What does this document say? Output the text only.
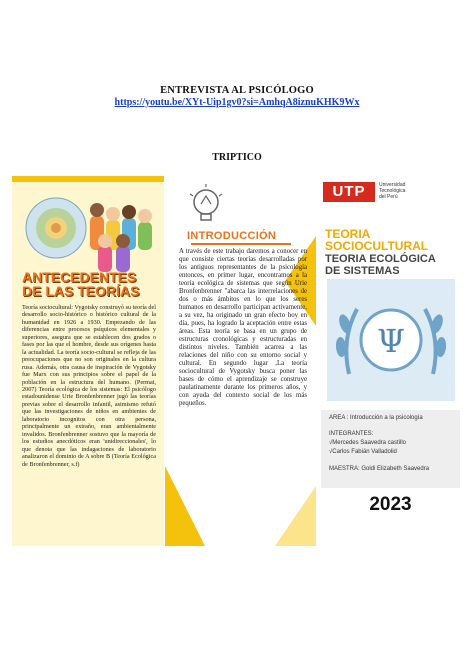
ENTREVISTA AL PSICÓLOGO
https://youtu.be/XYt-Uip1gv0?si=AmhqA8iznuKHK9Wx
TRIPTICO
ANTECEDENTES
DE LAS TEORÍAS
Teoría sociocultural: Vygotsky construyó su teoría del desarrollo socio-histórico o histórico cultural de la humanidad en 1926 a 1930. Empezando de las diferencias entre procesos psíquicos elementales y superiores, asegura que se establecen dos grados o fases por las que el hombre, desde sus orígenes hasta la actualidad. La teoría socio-cultural se refleja de las preocupaciones que no son originales en la cultura rusa. Además, otra causa de inspiración de Vygotsky fue Marx con sus principios sobre el papel de la población en la estructura del humano. (Permat, 2007) Teoría ecológica de los sistemas: El psicólogo estadounidense Urie Bronfenbrenner jugó las teorías previas sobre el desarrollo infantil, asimismo refutó que las investigaciones de niños en ambientes de laboratorio incognitos con otra persona, principalmente un extraño, eran ambientalmente invalidos. Bronfenbrenner sostuvo que la mayoría de los estudios anecdóticos eran 'unidireccionales', lo que denota que las indagaciones de laboratorio analizaron el dominio de A sobre B (Teoría Ecológica de Bronfenbrenner, s.f)
INTRODUCCIÓN
A través de este trabajo daremos a conocer en que consiste ciertas teorías desarrolladas por los antiguos representantes de la psicología entonces, en primer lugar, encontramos a la teoría ecológica de sistemas que según Urie Bronfenbrenner "abarca las interrelaciones de dos o más ámbitos en lo que los seres humanos en desarrollo participan activamente, a su vez, ha originado un gran efecto hoy en día, pues, ha logrado la aceptación entre estas áreas. Esta teoría se basa en un grupo de estructuras cronológicas y estructuradas en distintos niveles. También acarrea a las relaciones del niño con su entorno social y cultural. En segundo lugar ,La teoría sociocultural de Vygotsky busca poner las bases de cómo el aprendizaje se construye paulatinamente durante los primeros años, y con ayuda del contexto social de los más pequeños.
UTP	Universidad
Tecnológica
del Perú
TEORIA
SOCIOCULTURAL
TEORIA ECOLÓGICA
DE SISTEMAS
Ψ
AREA : Introducción a la psicología
INTEGRANTES:
√Mercedes Saavedra castillo
√Carlos Fabián Valladolid
MAESTRA: Goldi Elizabeth Saavedra
2023
